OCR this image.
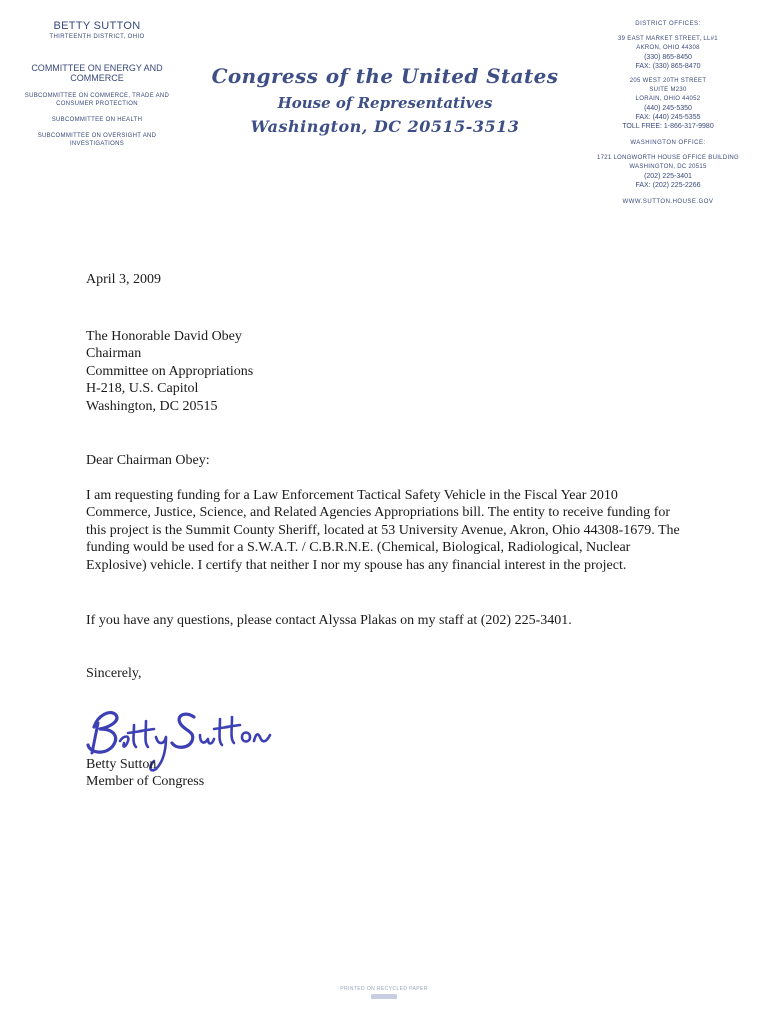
BETTY SUTTON
THIRTEENTH DISTRICT, OHIO
COMMITTEE ON ENERGY AND COMMERCE
SUBCOMMITTEE ON COMMERCE, TRADE AND CONSUMER PROTECTION
SUBCOMMITTEE ON HEALTH
SUBCOMMITTEE ON OVERSIGHT AND INVESTIGATIONS
Congress of the United States
House of Representatives
Washington, DC 20515-3513
DISTRICT OFFICES:
39 EAST MARKET STREET, LL#1
AKRON, OHIO 44308
(330) 865-8450
FAX: (330) 865-8470
205 WEST 20TH STREET
SUITE M230
LORAIN, OHIO 44052
(440) 245-5350
FAX: (440) 245-5355
TOLL FREE: 1-866-317-9980
WASHINGTON OFFICE:
1721 LONGWORTH HOUSE OFFICE BUILDING
WASHINGTON, DC 20515
(202) 225-3401
FAX: (202) 225-2266
WWW.SUTTON.HOUSE.GOV
April 3, 2009
The Honorable David Obey
Chairman
Committee on Appropriations
H-218, U.S. Capitol
Washington, DC 20515
Dear Chairman Obey:
I am requesting funding for a Law Enforcement Tactical Safety Vehicle in the Fiscal Year 2010 Commerce, Justice, Science, and Related Agencies Appropriations bill. The entity to receive funding for this project is the Summit County Sheriff, located at 53 University Avenue, Akron, Ohio 44308-1679. The funding would be used for a S.W.A.T. / C.B.R.N.E. (Chemical, Biological, Radiological, Nuclear Explosive) vehicle. I certify that neither I nor my spouse has any financial interest in the project.
If you have any questions, please contact Alyssa Plakas on my staff at (202) 225-3401.
Sincerely,
Betty Sutton
Member of Congress
PRINTED ON RECYCLED PAPER
